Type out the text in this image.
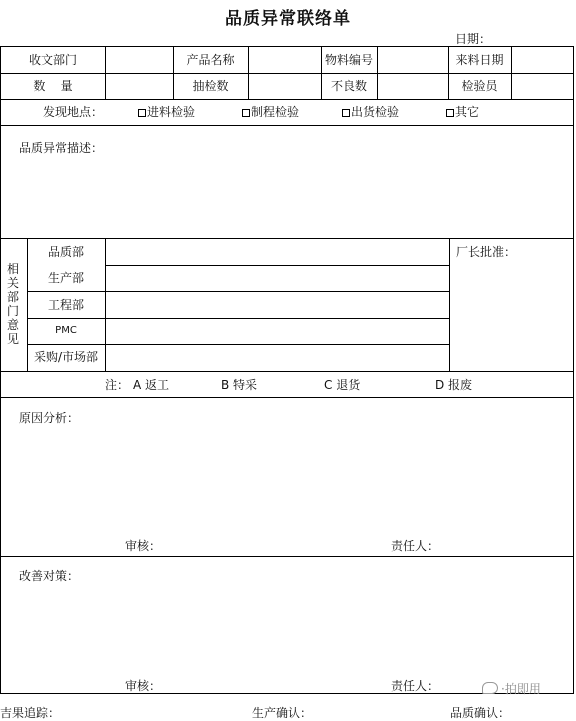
品质异常联络单
日期：
收文部门	产品名称	物料编号	来料日期
数    量	抽检数	不良数	检验员
发现地点：	进料检验	制程检验	出货检验	其它
品质异常描述：
品质部
生产部
工程部
PMC
采购/市场部
厂长批准：
注： A 返工	B 特采	C 退货	D 报废
原因分析：
审核：	责任人：
改善对策：
审核：	责任人：
相关部门意见
·拍即用
吉果追踪：	生产确认：	品质确认：
